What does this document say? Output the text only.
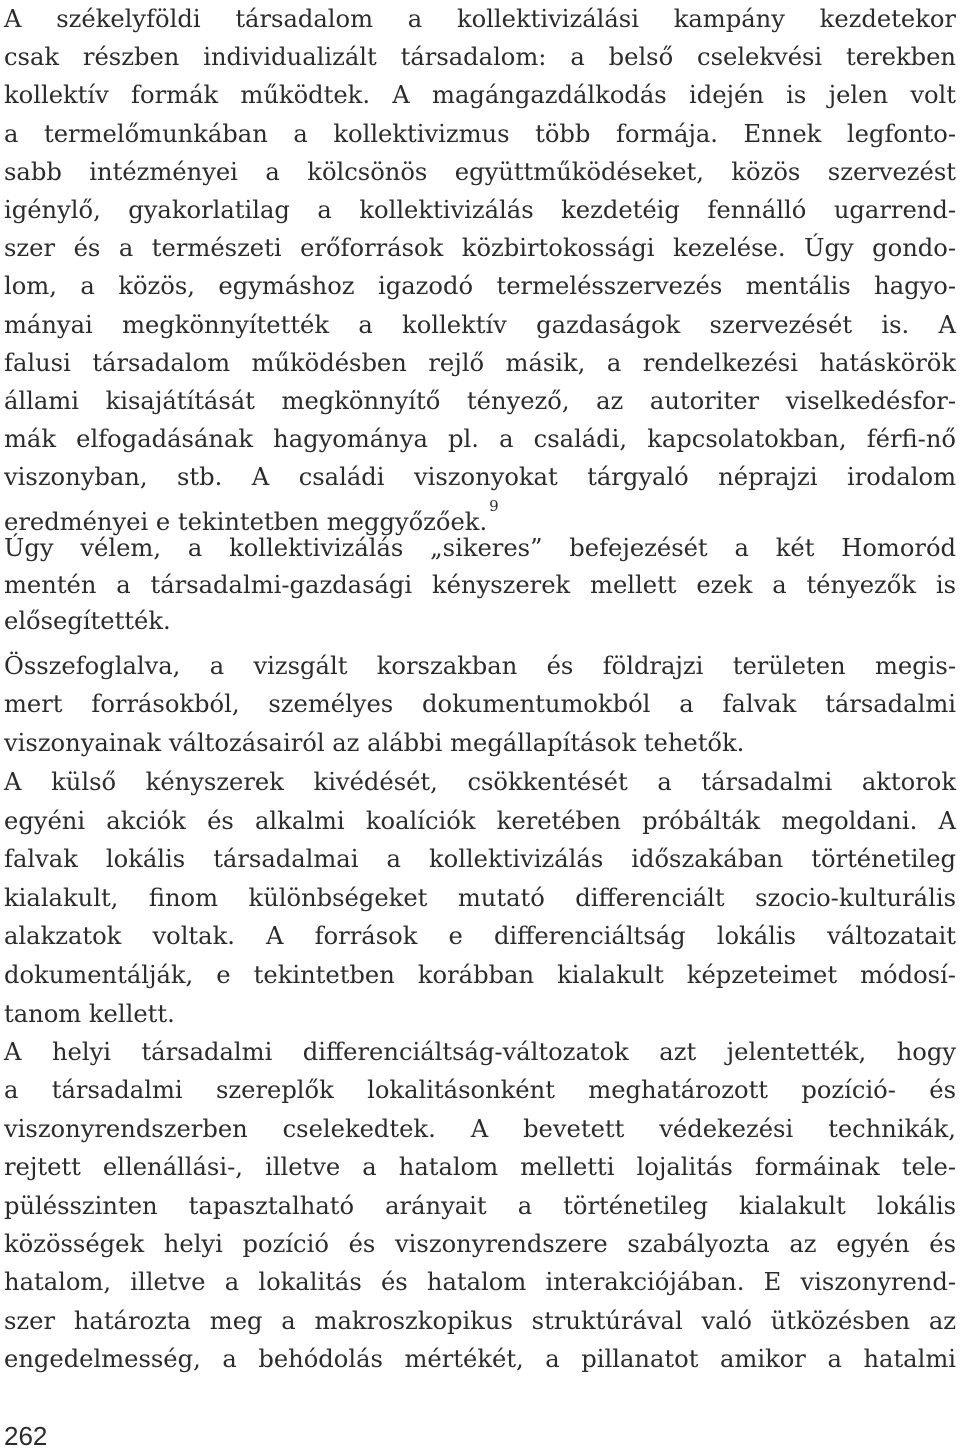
A székelyföldi társadalom a kollektivizálási kampány kezdetekor
csak részben individualizált társadalom: a belső cselekvési terekben
kollektív formák működtek. A magángazdálkodás idején is jelen volt
a termelőmunkában a kollektivizmus több formája. Ennek legfonto-
sabb intézményei a kölcsönös együttműködéseket, közös szervezést
igénylő, gyakorlatilag a kollektivizálás kezdetéig fennálló ugarrend-
szer és a természeti erőforrások közbirtokossági kezelése. Úgy gondo-
lom, a közös, egymáshoz igazodó termelésszervezés mentális hagyo-
mányai megkönnyítették a kollektív gazdaságok szervezését is. A
falusi társadalom működésben rejlő másik, a rendelkezési hatáskörök
állami kisajátítását megkönnyítő tényező, az autoriter viselkedésfor-
mák elfogadásának hagyománya pl. a családi, kapcsolatokban, férfi-nő
viszonyban, stb. A családi viszonyokat tárgyaló néprajzi irodalom
eredményei e tekintetben meggyőzőek.$^9$
Úgy vélem, a kollektivizálás „sikeres” befejezését a két Homoród
mentén a társadalmi-gazdasági kényszerek mellett ezek a tényezők is
elősegítették.
Összefoglalva, a vizsgált korszakban és földrajzi területen megis-
mert forrásokból, személyes dokumentumokból a falvak társadalmi
viszonyainak változásairól az alábbi megállapítások tehetők.
A külső kényszerek kivédését, csökkentését a társadalmi aktorok
egyéni akciók és alkalmi koalíciók keretében próbálták megoldani. A
falvak lokális társadalmai a kollektivizálás időszakában történetileg
kialakult, finom különbségeket mutató differenciált szocio-kulturális
alakzatok voltak. A források e differenciáltság lokális változatait
dokumentálják, e tekintetben korábban kialakult képzeteimet módosí-
tanom kellett.
A helyi társadalmi differenciáltság-változatok azt jelentették, hogy
a társadalmi szereplők lokalitásonként meghatározott pozíció- és
viszonyrendszerben cselekedtek. A bevetett védekezési technikák,
rejtett ellenállási-, illetve a hatalom melletti lojalitás formáinak tele-
pülésszinten tapasztalható arányait a történetileg kialakult lokális
közösségek helyi pozíció és viszonyrendszere szabályozta az egyén és
hatalom, illetve a lokalitás és hatalom interakciójában. E viszonyrend-
szer határozta meg a makroszkopikus struktúrával való ütközésben az
engedelmesség, a behódolás mértékét, a pillanatot amikor a hatalmi
262
